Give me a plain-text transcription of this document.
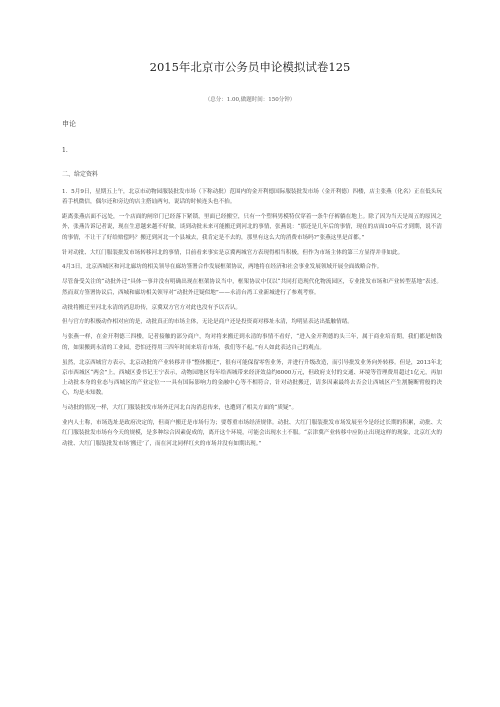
2015年北京市公务员申论模拟试卷125
（总分：1.00,做题时间：150分钟）

申论

1.

二、给定资料

1．5月9日，星期五上午，北京市动物园服装批发市场（下称动批）范围内的金开利德国际服装批发市场（金开利德）四楼，店主张燕（化名）正在低头玩着手机微信，偶尔还和旁边的店主搭讪两句，说话的时候连头也不抬。

距离张燕店面不远处，一个店面的闸帘门已经落下紧锁，里面已经搬空，只有一个塑料男模特仅穿着一条牛仔裤躺在地上。除了因为当天是周五的原因之外，张燕告诉记者说，现在生意越来越不好做，谈到动批未来可能搬迁到河北的事情，张燕说：“那还是几年后的事情，现在的店面10年后才到期，说不清的事情，不让干了好给赔偿吗？搬迁到河北一个县城去，我肯定是不去的，那里有这么大的消费市场吗?”张燕这里是首都。”

针对动批、大红门服装批发市场转移河北的事情，目前看来事实是京冀两城官方表现得相当积极，但作为市场主体的第三方显得并非如此。

4月3日，北京西城区和河北廊坊的相关领导在廊坊签署合作发展框架协议，两地将在经济和社会事业发展领域开展全面战略合作。

尽管备受关注的“动批外迁”具体一事并没有明确出现在框架协议当中，框架协议中仅以“共同打造现代化物流园区，专业批发市场和产业转型基地”表述。然而双方签署协议后，西城和廊坊相关领导对“动批外迁疑似地”——永清台湾工业新城进行了参观考察。

动批将搬迁至河北永清的消息纷传，京冀双方官方对此也没有予以否认。

但与官方的积极动作相对应的是，动批真正的市场主体，无论是商户还是投资商对移址永清，均明显表达出抵触情绪。

与张燕一样，在金开利德三四楼，记者接触的部分商户，均对将来搬迁到永清的事情不看好，“进入金开利德的头三年，属于商业培育期，我们都是赔钱的，如果搬到永清的工业园，恐怕还得用三四年时间来培育市场，我们等不起。”有人如此表达自己的观点。

虽然，北京西城官方表示，北京动批的产业转移并非“整体搬迁”，很有可能保留零售业务，并进行升级改造，而引导批发业务向外转移。但是，2013年北京市西城区“两会”上，西城区委书记王宁表示，动物园地区每年给西城带来经济效益约6000万元，但政府支付的交通、环境等管理费用超过1亿元，再加上动批本身的业态与西城区的产业定位一一具有国际影响力的金融中心等不相符合，针对动批搬迁，请多因素最终去否会让西城区产生割腕断臂般的决心，均是未知数。

与动批的情况一样，大红门服装批发市场外迁河北白沟消息传来，也遭到了相关方面的“质疑”。

业内人士称，市场选址是政府决定的，但商户搬迁是市场行为；要尊重市场经济规律。动批、大红门服装批发市场发展至今是经过长期的积累，动批、大红门服装批发市场有今天的规模，是多种综合因素促成的，离开这个环境，可能会出现水土不服。“京津冀产业转移中应防止出现这样的现象，北京红火的动批、大红门服装批发市场‘搬迁’了，而在河北同样红火的市场并没有如期出现。”
